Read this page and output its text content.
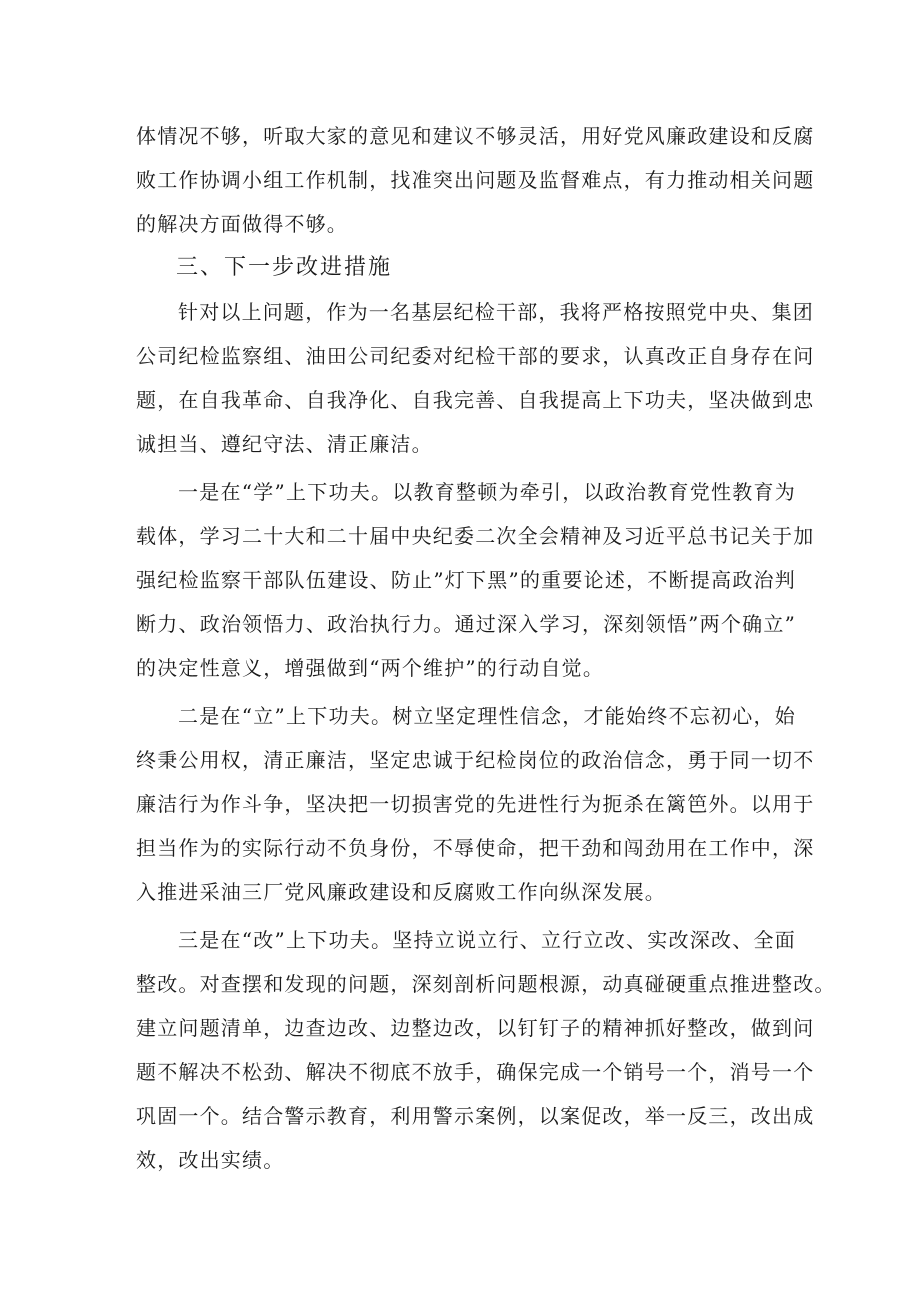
体情况不够，听取大家的意见和建议不够灵活，用好党风廉政建设和反腐
败工作协调小组工作机制，找准突出问题及监督难点，有力推动相关问题
的解决方面做得不够。
三、下一步改进措施
针对以上问题，作为一名基层纪检干部，我将严格按照党中央、集团
公司纪检监察组、油田公司纪委对纪检干部的要求，认真改正自身存在问
题，在自我革命、自我净化、自我完善、自我提高上下功夫，坚决做到忠
诚担当、遵纪守法、清正廉洁。
一是在“学”上下功夫。以教育整顿为牵引，以政治教育党性教育为
载体，学习二十大和二十届中央纪委二次全会精神及习近平总书记关于加
强纪检监察干部队伍建设、防止”灯下黑”的重要论述，不断提高政治判
断力、政治领悟力、政治执行力。通过深入学习，深刻领悟”两个确立”
的决定性意义，增强做到“两个维护”的行动自觉。
二是在“立”上下功夫。树立坚定理性信念，才能始终不忘初心，始
终秉公用权，清正廉洁，坚定忠诚于纪检岗位的政治信念，勇于同一切不
廉洁行为作斗争，坚决把一切损害党的先进性行为扼杀在篱笆外。以用于
担当作为的实际行动不负身份，不辱使命，把干劲和闯劲用在工作中，深
入推进采油三厂党风廉政建设和反腐败工作向纵深发展。
三是在“改”上下功夫。坚持立说立行、立行立改、实改深改、全面
整改。对查摆和发现的问题，深刻剖析问题根源，动真碰硬重点推进整改。
建立问题清单，边查边改、边整边改，以钉钉子的精神抓好整改，做到问
题不解决不松劲、解决不彻底不放手，确保完成一个销号一个，消号一个
巩固一个。结合警示教育，利用警示案例，以案促改，举一反三，改出成
效，改出实绩。
